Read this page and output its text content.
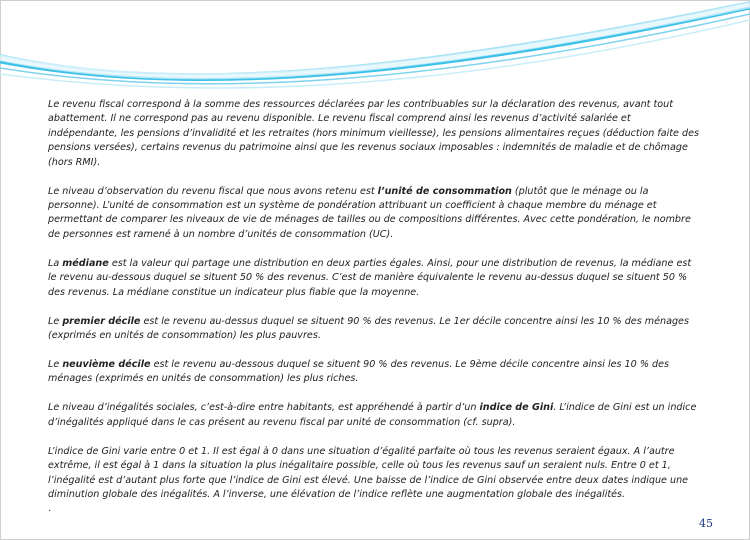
Le revenu fiscal correspond à la somme des ressources déclarées par les contribuables sur la déclaration des revenus, avant tout abattement. Il ne correspond pas au revenu disponible. Le revenu fiscal comprend ainsi les revenus d’activité salariée et indépendante, les pensions d’invalidité et les retraites (hors minimum vieillesse), les pensions alimentaires reçues (déduction faite des pensions versées), certains revenus du patrimoine ainsi que les revenus sociaux imposables : indemnités de maladie et de chômage (hors RMI).

Le niveau d’observation du revenu fiscal que nous avons retenu est l’unité de consommation (plutôt que le ménage ou la personne). L’unité de consommation est un système de pondération attribuant un coefficient à chaque membre du ménage et permettant de comparer les niveaux de vie de ménages de tailles ou de compositions différentes. Avec cette pondération, le nombre de personnes est ramené à un nombre d’unités de consommation (UC).

La médiane est la valeur qui partage une distribution en deux parties égales. Ainsi, pour une distribution de revenus, la médiane est le revenu au-dessous duquel se situent 50 % des revenus. C’est de manière équivalente le revenu au-dessus duquel se situent 50 % des revenus. La médiane constitue un indicateur plus fiable que la moyenne.

Le premier décile est le revenu au-dessus duquel se situent 90 % des revenus. Le 1er décile concentre ainsi les 10 % des ménages (exprimés en unités de consommation) les plus pauvres.

Le neuvième décile est le revenu au-dessous duquel se situent 90 % des revenus. Le 9ème décile concentre ainsi les 10 % des ménages (exprimés en unités de consommation) les plus riches.

Le niveau d’inégalités sociales, c’est-à-dire entre habitants, est appréhendé à partir d’un indice de Gini. L’indice de Gini est un indice d’inégalités appliqué dans le cas présent au revenu fiscal par unité de consommation (cf. supra).

L’indice de Gini varie entre 0 et 1. Il est égal à 0 dans une situation d’égalité parfaite où tous les revenus seraient égaux. A l’autre extrême, il est égal à 1 dans la situation la plus inégalitaire possible, celle où tous les revenus sauf un seraient nuls. Entre 0 et 1, l’inégalité est d’autant plus forte que l’indice de Gini est élevé. Une baisse de l’indice de Gini observée entre deux dates indique une diminution globale des inégalités. A l’inverse, une élévation de l’indice reflète une augmentation globale des inégalités.

.
45
